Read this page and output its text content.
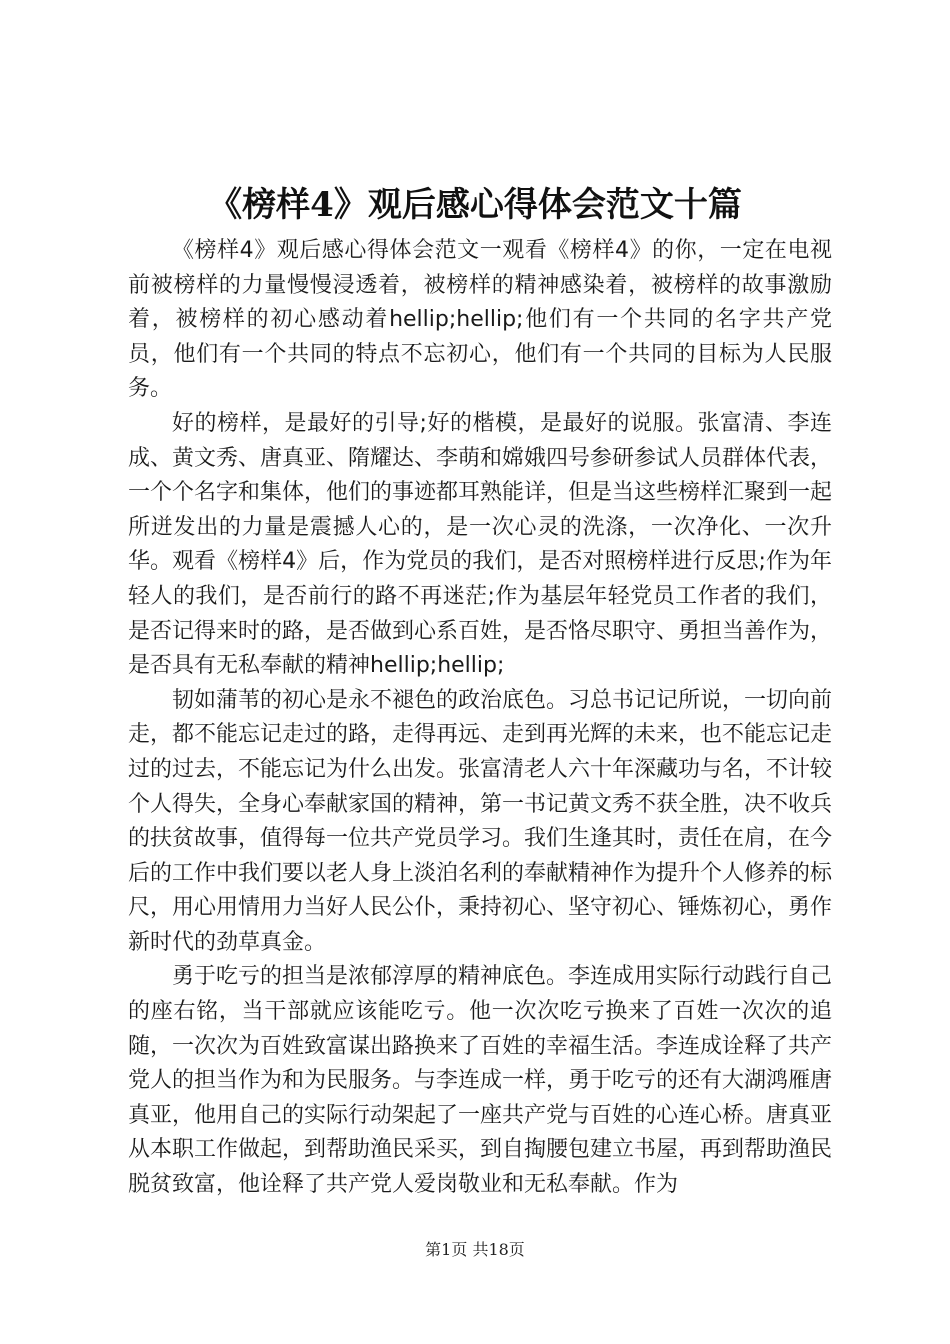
《榜样4》观后感心得体会范文十篇

《榜样4》观后感心得体会范文一观看《榜样4》的你，一定在电视前被榜样的力量慢慢浸透着，被榜样的精神感染着，被榜样的故事激励着，被榜样的初心感动着hellip;hellip;他们有一个共同的名字共产党员，他们有一个共同的特点不忘初心，他们有一个共同的目标为人民服务。

好的榜样，是最好的引导;好的楷模，是最好的说服。张富清、李连成、黄文秀、唐真亚、隋耀达、李萌和嫦娥四号参研参试人员群体代表，一个个名字和集体，他们的事迹都耳熟能详，但是当这些榜样汇聚到一起所迸发出的力量是震撼人心的，是一次心灵的洗涤，一次净化、一次升华。观看《榜样4》后，作为党员的我们，是否对照榜样进行反思;作为年轻人的我们，是否前行的路不再迷茫;作为基层年轻党员工作者的我们，是否记得来时的路，是否做到心系百姓，是否恪尽职守、勇担当善作为，是否具有无私奉献的精神hellip;hellip;

韧如蒲苇的初心是永不褪色的政治底色。习总书记记所说，一切向前走，都不能忘记走过的路，走得再远、走到再光辉的未来，也不能忘记走过的过去，不能忘记为什么出发。张富清老人六十年深藏功与名，不计较个人得失，全身心奉献家国的精神，第一书记黄文秀不获全胜，决不收兵的扶贫故事，值得每一位共产党员学习。我们生逢其时，责任在肩，在今后的工作中我们要以老人身上淡泊名利的奉献精神作为提升个人修养的标尺，用心用情用力当好人民公仆，秉持初心、坚守初心、锤炼初心，勇作新时代的劲草真金。

勇于吃亏的担当是浓郁淳厚的精神底色。李连成用实际行动践行自己的座右铭，当干部就应该能吃亏。他一次次吃亏换来了百姓一次次的追随，一次次为百姓致富谋出路换来了百姓的幸福生活。李连成诠释了共产党人的担当作为和为民服务。与李连成一样，勇于吃亏的还有大湖鸿雁唐真亚，他用自己的实际行动架起了一座共产党与百姓的心连心桥。唐真亚从本职工作做起，到帮助渔民采买，到自掏腰包建立书屋，再到帮助渔民脱贫致富，他诠释了共产党人爱岗敬业和无私奉献。作为

第1页 共18页
